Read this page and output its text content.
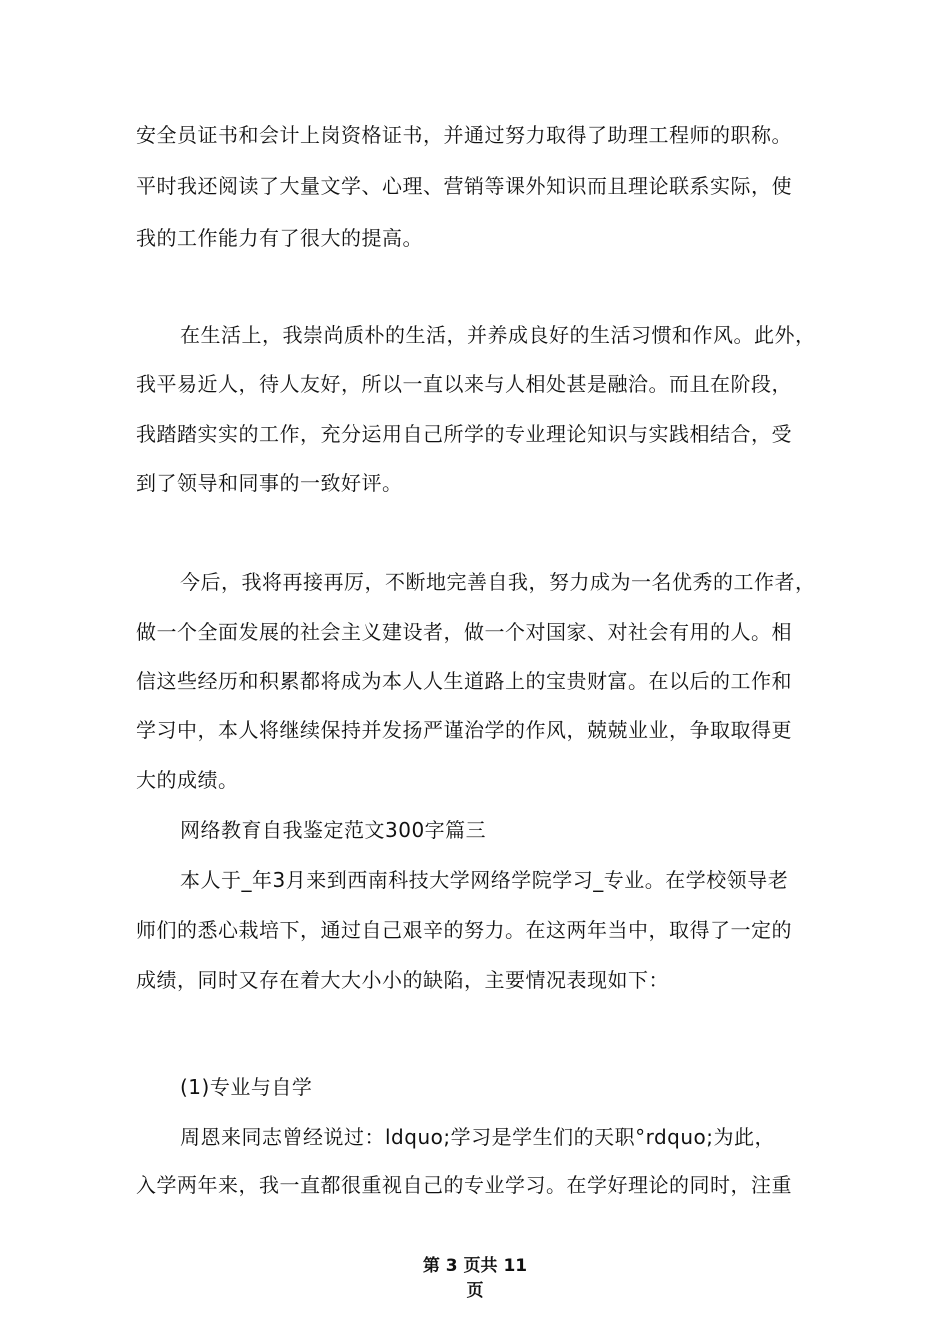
安全员证书和会计上岗资格证书，并通过努力取得了助理工程师的职称。
平时我还阅读了大量文学、心理、营销等课外知识而且理论联系实际，使
我的工作能力有了很大的提高。
在生活上，我崇尚质朴的生活，并养成良好的生活习惯和作风。此外，
我平易近人，待人友好，所以一直以来与人相处甚是融洽。而且在阶段，
我踏踏实实的工作，充分运用自己所学的专业理论知识与实践相结合，受
到了领导和同事的一致好评。
今后，我将再接再厉，不断地完善自我，努力成为一名优秀的工作者，
做一个全面发展的社会主义建设者，做一个对国家、对社会有用的人。相
信这些经历和积累都将成为本人人生道路上的宝贵财富。在以后的工作和
学习中，本人将继续保持并发扬严谨治学的作风，兢兢业业，争取取得更
大的成绩。
网络教育自我鉴定范文300字篇三
本人于_年3月来到西南科技大学网络学院学习_专业。在学校领导老
师们的悉心栽培下，通过自己艰辛的努力。在这两年当中，取得了一定的
成绩，同时又存在着大大小小的缺陷，主要情况表现如下：
(1)专业与自学
周恩来同志曾经说过：ldquo;学习是学生们的天职°rdquo;为此，
入学两年来，我一直都很重视自己的专业学习。在学好理论的同时，注重
第 3 页共 11
页
